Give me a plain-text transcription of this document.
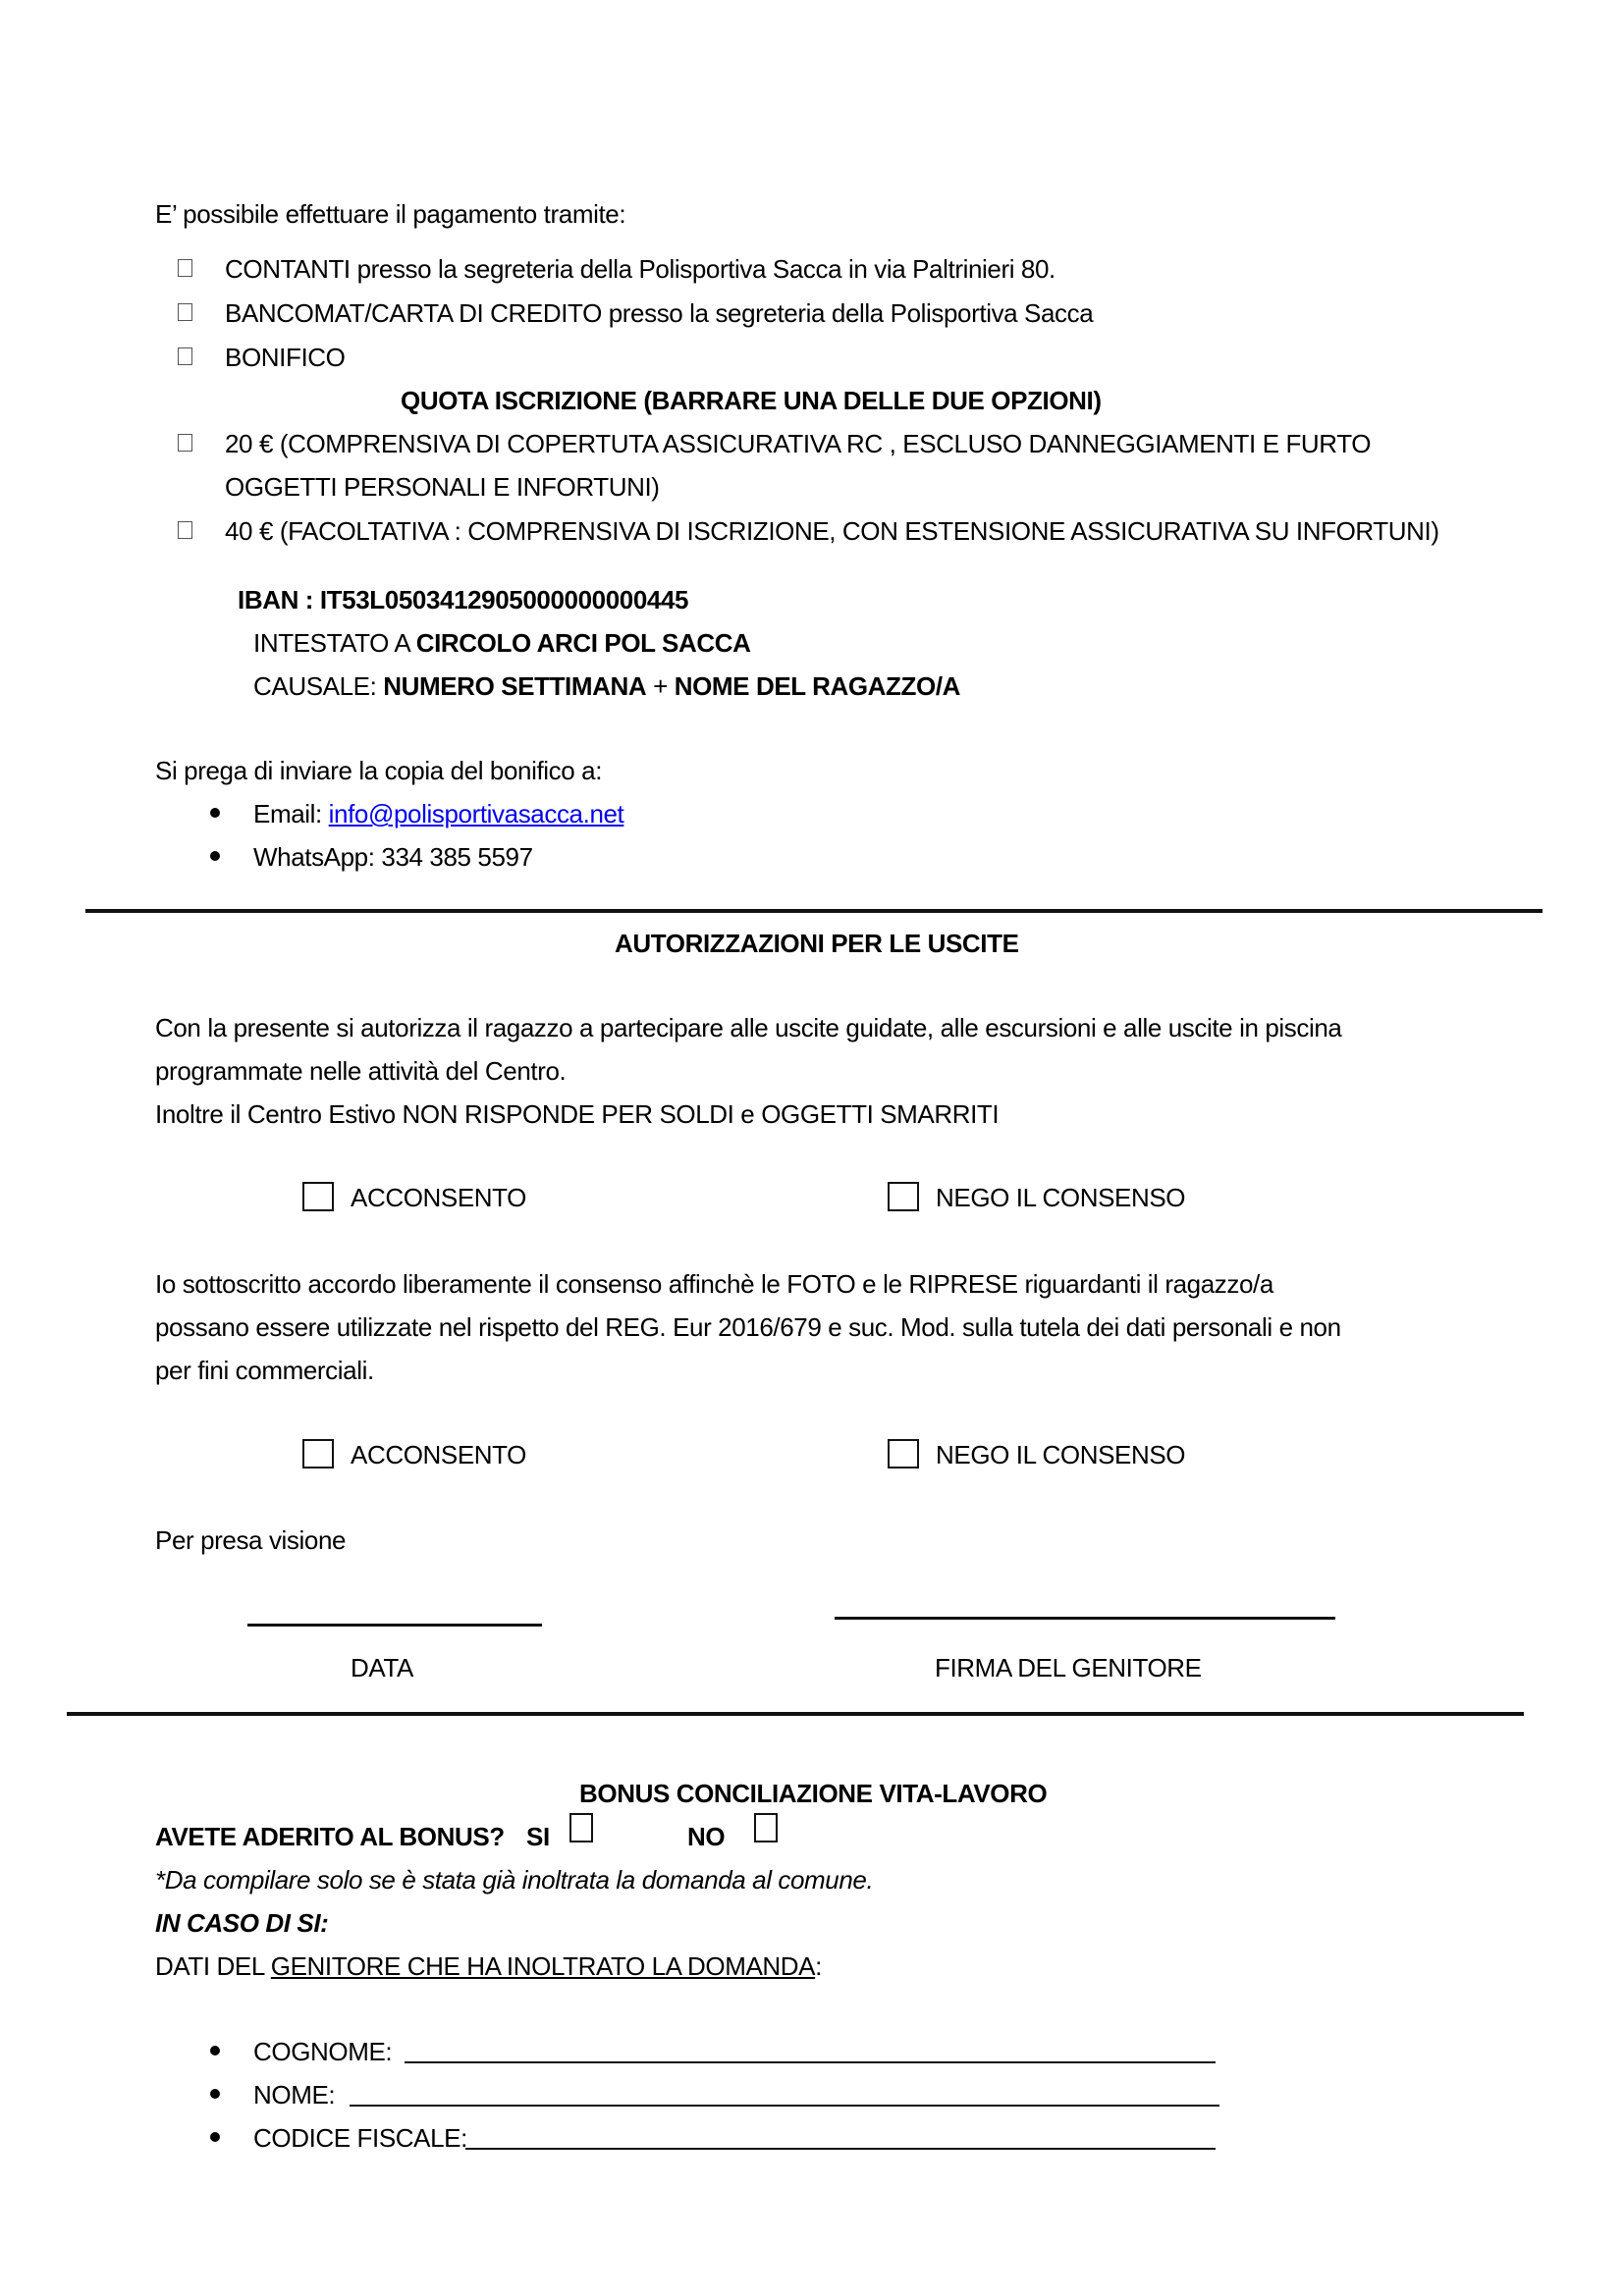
E’ possibile effettuare il pagamento tramite:
CONTANTI presso la segreteria della Polisportiva Sacca in via Paltrinieri 80.
BANCOMAT/CARTA DI CREDITO presso la segreteria della Polisportiva Sacca
BONIFICO
QUOTA ISCRIZIONE (BARRARE UNA DELLE DUE OPZIONI)
20 € (COMPRENSIVA DI COPERTUTA ASSICURATIVA RC , ESCLUSO DANNEGGIAMENTI E FURTO
OGGETTI PERSONALI E INFORTUNI)
40 € (FACOLTATIVA : COMPRENSIVA DI ISCRIZIONE, CON ESTENSIONE ASSICURATIVA SU INFORTUNI)
IBAN : IT53L0503412905000000000445
INTESTATO A CIRCOLO ARCI POL SACCA
CAUSALE: NUMERO SETTIMANA + NOME DEL RAGAZZO/A
Si prega di inviare la copia del bonifico a:
Email: info@polisportivasacca.net
WhatsApp: 334 385 5597
AUTORIZZAZIONI PER LE USCITE
Con la presente si autorizza il ragazzo a partecipare alle uscite guidate, alle escursioni e alle uscite in piscina
programmate nelle attività del Centro.
Inoltre il Centro Estivo NON RISPONDE PER SOLDI e OGGETTI SMARRITI
ACCONSENTO	NEGO IL CONSENSO
Io sottoscritto accordo liberamente il consenso affinchè le FOTO e le RIPRESE riguardanti il ragazzo/a
possano essere utilizzate nel rispetto del REG. Eur 2016/679 e suc. Mod. sulla tutela dei dati personali e non
per fini commerciali.
ACCONSENTO	NEGO IL CONSENSO
Per presa visione
DATA	FIRMA DEL GENITORE
BONUS CONCILIAZIONE VITA-LAVORO
AVETE ADERITO AL BONUS? SI	NO
*Da compilare solo se è stata già inoltrata la domanda al comune.
IN CASO DI SI:
DATI DEL GENITORE CHE HA INOLTRATO LA DOMANDA:
COGNOME:
NOME:
CODICE FISCALE:
